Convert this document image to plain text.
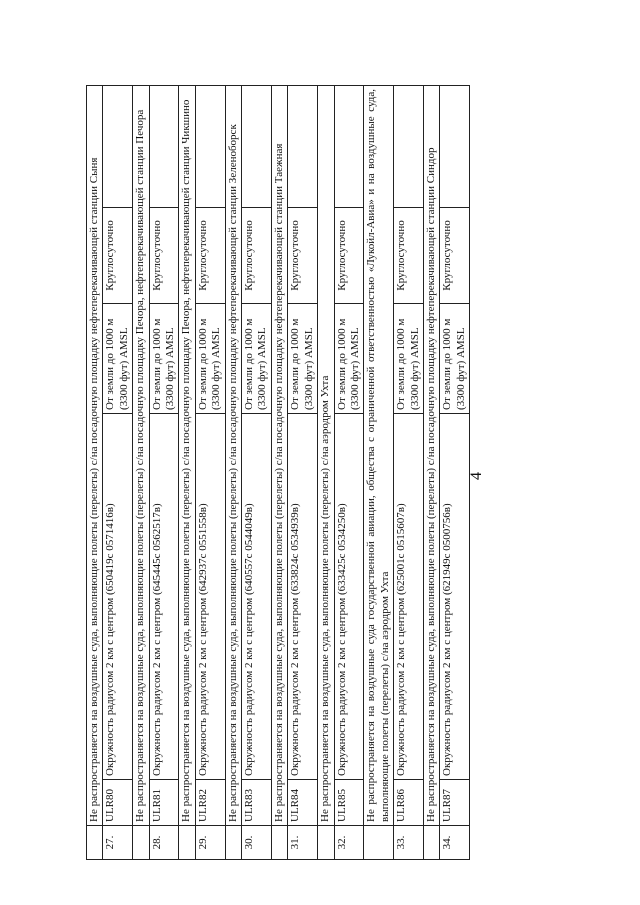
	Не распространяется на воздушные суда, выполняющие полеты (перелеты) с/на посадочную площадку нефтеперекачивающей станции Сыня				
27.	ULR80	Окружность радиусом 2 км с центром (650419с 0571416в)	От земли до 1000 м (3300 фут) AMSL	Круглосуточно	
	Не распространяется на воздушные суда, выполняющие полеты (перелеты) с/на посадочную площадку Печора, нефтеперекачивающей станции Печора				
28.	ULR81	Окружность радиусом 2 км с центром (645445с 0562517в)	От земли до 1000 м (3300 фут) AMSL	Круглосуточно	
	Не распространяется на воздушные суда, выполняющие полеты (перелеты) с/на посадочную площадку Печора, нефтеперекачивающей станции Чикшино				
29.	ULR82	Окружность радиусом 2 км с центром (642937с 0551558в)	От земли до 1000 м (3300 фут) AMSL	Круглосуточно	
	Не распространяется на воздушные суда, выполняющие полеты (перелеты) с/на посадочную площадку нефтеперекачивающей станции Зеленоборск				
30.	ULR83	Окружность радиусом 2 км с центром (640557с 0544049в)	От земли до 1000 м (3300 фут) AMSL	Круглосуточно	
	Не распространяется на воздушные суда, выполняющие полеты (перелеты) с/на посадочную площадку нефтеперекачивающей станции Таежная				
31.	ULR84	Окружность радиусом 2 км с центром (633824с 0534939в)	От земли до 1000 м (3300 фут) AMSL	Круглосуточно	
	Не распространяется на воздушные суда, выполняющие полеты (перелеты) с/на аэродром Ухта				
32.	ULR85	Окружность радиусом 2 км с центром (633425с 0534250в)	От земли до 1000 м (3300 фут) AMSL	Круглосуточно	
	Не распространяется на воздушные суда государственной авиации, общества с ограниченной ответственностью «Лукойл-Авиа» и на воздушные суда, выполняющие полеты (перелеты) с/на аэродром Ухта				
33.	ULR86	Окружность радиусом 2 км с центром (625001с 0515607в)	От земли до 1000 м (3300 фут) AMSL	Круглосуточно	
	Не распространяется на воздушные суда, выполняющие полеты (перелеты) с/на посадочную площадку нефтеперекачивающей станции Синдор				
34.	ULR87	Окружность радиусом 2 км с центром (621949с 0500756в)	От земли до 1000 м (3300 фут) AMSL	Круглосуточно	
4
